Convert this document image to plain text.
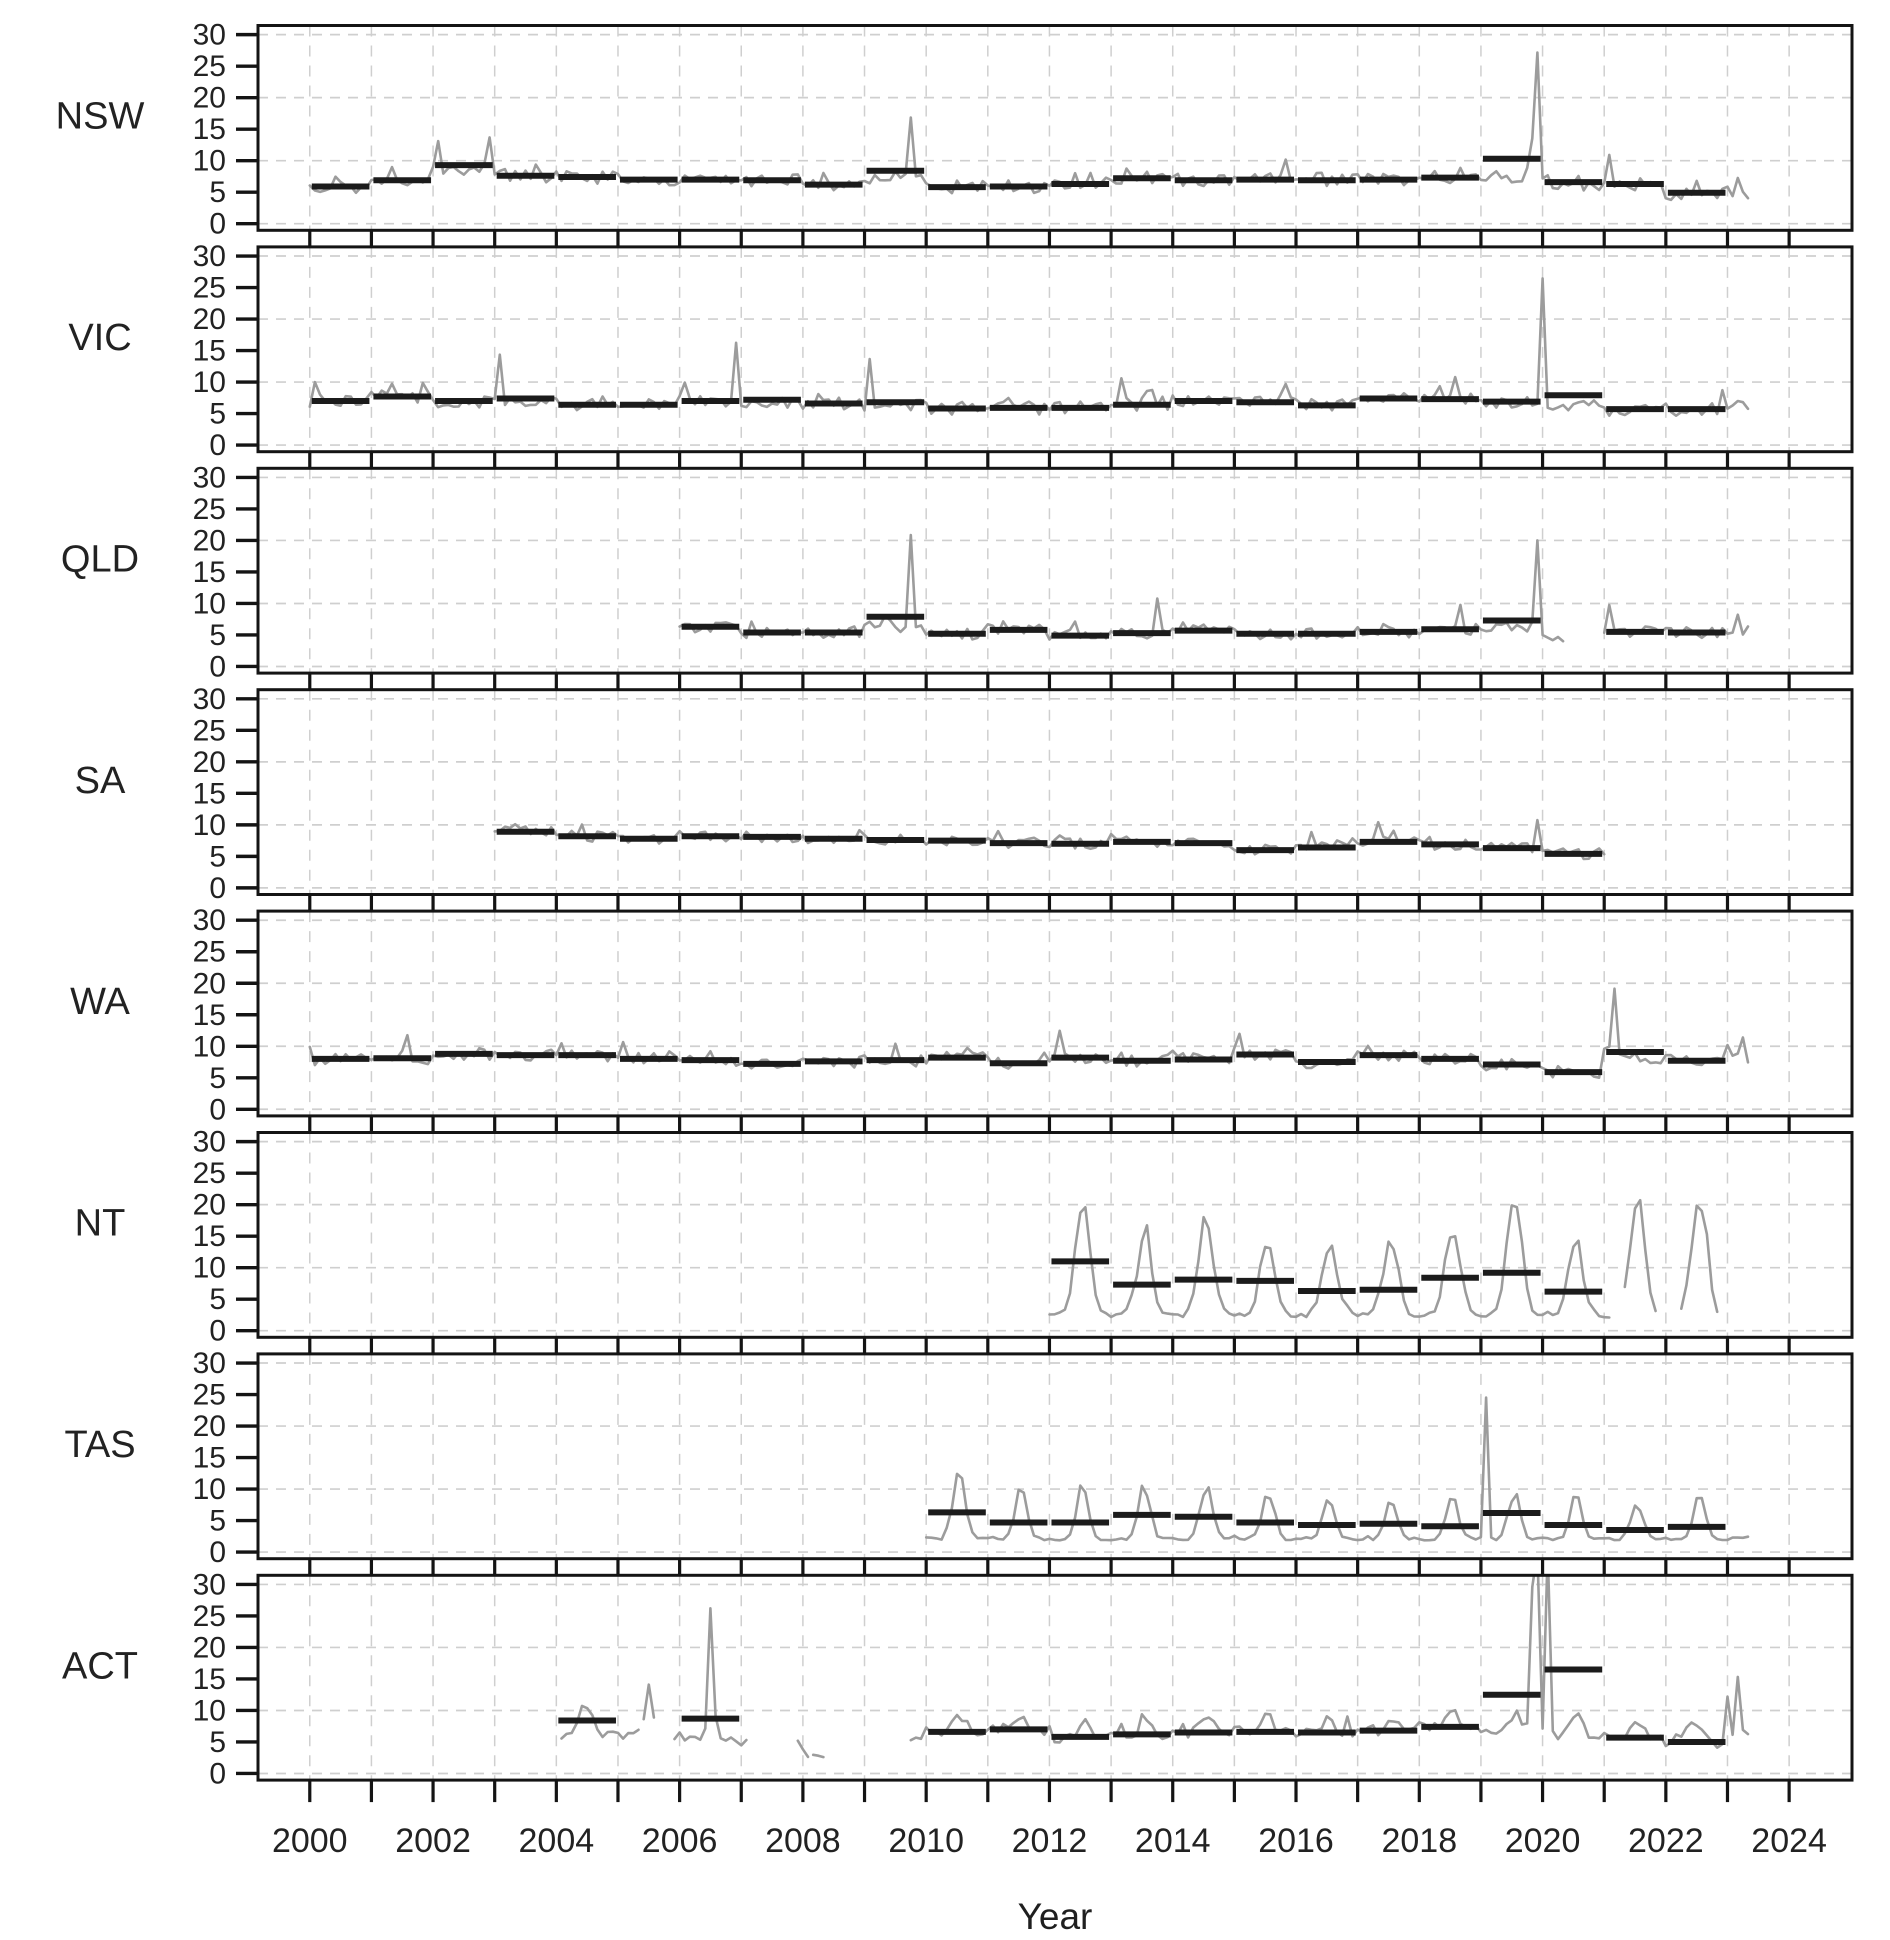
0
5
10
15
20
25
30
NSW
0
5
10
15
20
25
30
VIC
0
5
10
15
20
25
30
QLD
0
5
10
15
20
25
30
SA
0
5
10
15
20
25
30
WA
0
5
10
15
20
25
30
NT
0
5
10
15
20
25
30
TAS
0
5
10
15
20
25
30
ACT
2000 2002 2004 2006 2008 2010 2012 2014 2016 2018 2020 2022 2024
Year
